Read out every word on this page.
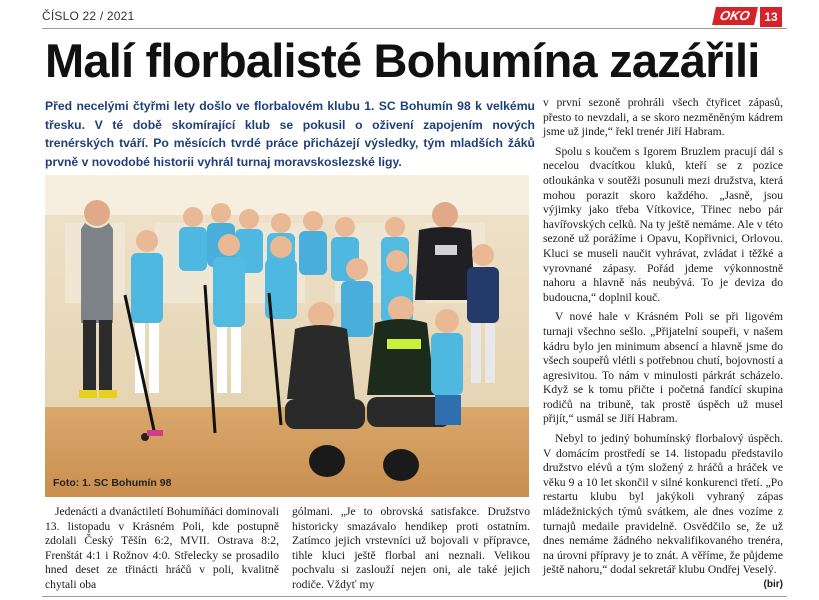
ČÍSLO 22 / 2021	OKO	13
Malí florbalisté Bohumína zazářili

Před necelými čtyřmi lety došlo ve florbalovém klubu 1. SC Bohumín 98 k velkému třesku. V té době skomírající klub se pokusil o oživení zapojením nových trenérských tváří. Po měsících tvrdé práce přicházejí výsledky, tým mladších žáků prvně v novodobé historii vyhrál turnaj moravskoslezské ligy.

Foto: 1. SC Bohumín 98

Jedenácti a dvanáctiletí Bohumíňáci dominovali 13. listopadu v Krásném Poli, kde postupně zdolali Český Těšín 6:2, MVII. Ostrava 8:2, Frenštát 4:1 i Rožnov 4:0. Střelecky se prosadilo hned deset ze třinácti hráčů v poli, kvalitně chytali oba

gólmani. „Je to obrovská satisfakce. Družstvo historicky smazávalo hendikep proti ostatním. Zatímco jejich vrstevníci už bojovali v přípravce, tihle kluci ještě florbal ani neznali. Velikou pochvalu si zaslouží nejen oni, ale také jejich rodiče. Vždyť my

v první sezoně prohráli všech čtyřicet zápasů, přesto to nevzdali, a se skoro nezměněným kádrem jsme už jinde,“ řekl trenér Jiří Habram.

Spolu s koučem s Igorem Bruzlem pracují dál s necelou dvacítkou kluků, kteří se z pozice otloukánka v soutěži posunuli mezi družstva, která mohou porazit skoro každého. „Jasně, jsou výjimky jako třeba Vítkovice, Třinec nebo pár havířovských celků. Na ty ještě nemáme. Ale v této sezoně už porážíme i Opavu, Kopřivnici, Orlovou. Kluci se museli naučit vyhrávat, zvládat i těžké a vyrovnané zápasy. Pořád jdeme výkonnostně nahoru a hlavně nás neubývá. To je deviza do budoucna,“ doplnil kouč.

V nové hale v Krásném Poli se při ligovém turnaji všechno sešlo. „Přijatelní soupeři, v našem kádru bylo jen minimum absencí a hlavně jsme do všech soupeřů vlétli s potřebnou chutí, bojovností a agresivitou. To nám v minulosti párkrát scházelo. Když se k tomu přičte i početná fandící skupina rodičů na tribuně, tak prostě úspěch už musel přijít,“ usmál se Jiří Habram.

Nebyl to jediný bohumínský florbalový úspěch. V domácím prostředí se 14. listopadu představilo družstvo elévů a tým složený z hráčů a hráček ve věku 9 a 10 let skončil v silné konkurenci třetí. „Po restartu klubu byl jakýkoli vyhraný zápas mládežnických týmů svátkem, ale dnes vozíme z turnajů medaile pravidelně. Osvědčilo se, že už dnes nemáme žádného nekvalifikovaného trenéra, na úrovni přípravy je to znát. A věříme, že půjdeme ještě nahoru,“ dodal sekretář klubu Ondřej Veselý.

(bir)
